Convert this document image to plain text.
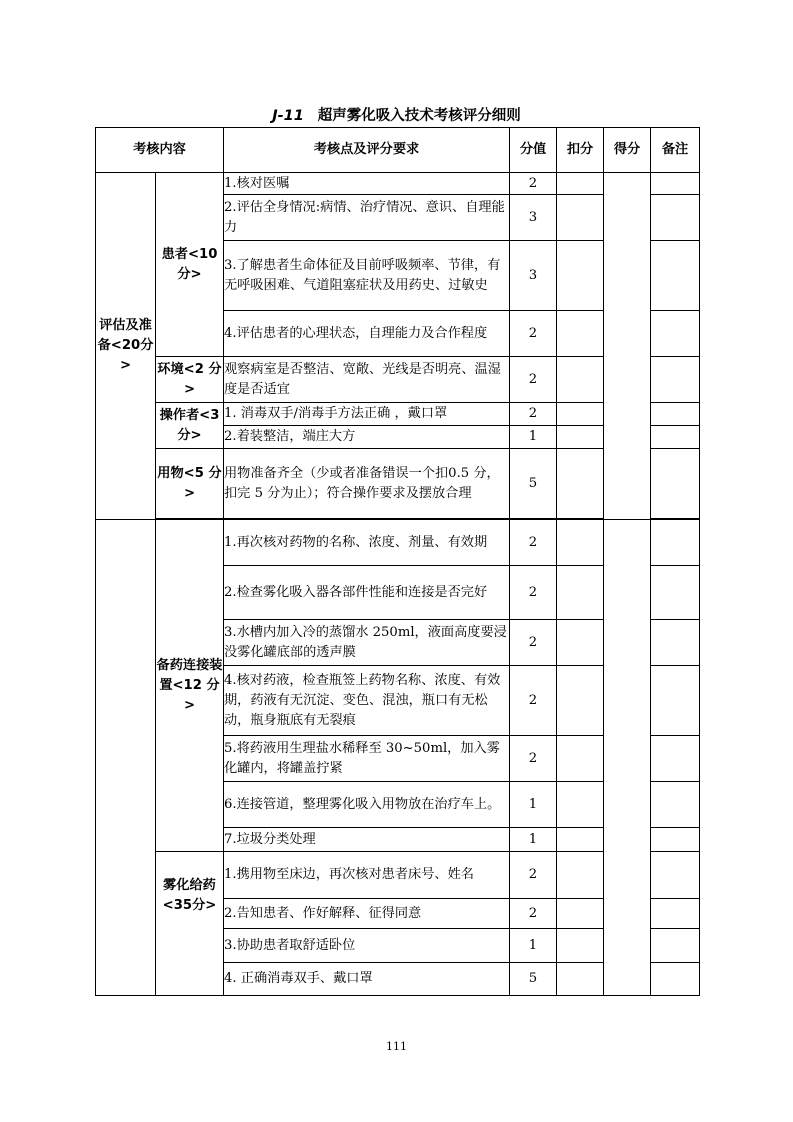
J-11 超声雾化吸入技术考核评分细则
考核内容		考核点及评分要求	分值	扣分	得分	备注
评估及准备<20分>	患者<10 分>	1.核对医嘱	2			
		2.评估全身情况:病情、治疗情况、意识、自理能力	3			
		3.了解患者生命体征及目前呼吸频率、节律，有无呼吸困难、气道阻塞症状及用药史、过敏史	3			
		4.评估患者的心理状态，自理能力及合作程度	2			
	环境<2 分>	观察病室是否整洁、宽敞、光线是否明亮、温湿度是否适宜	2			
	操作者<3分>	1. 消毒双手/消毒手方法正确 ，戴口罩	2			
		2.着装整洁，端庄大方	1			
	用物<5 分>	用物准备齐全（少或者准备错误一个扣0.5 分，扣完 5 分为止）；符合操作要求及摆放合理	5			

	备药连接装置<12 分>	1.再次核对药物的名称、浓度、剂量、有效期	2			
		2.检查雾化吸入器各部件性能和连接是否完好	2			
		3.水槽内加入冷的蒸馏水 250ml，液面高度要浸没雾化罐底部的透声膜	2			
		4.核对药液，检查瓶签上药物名称、浓度、有效期，药液有无沉淀、变色、混浊，瓶口有无松动，瓶身瓶底有无裂痕	2			
		5.将药液用生理盐水稀释至 30~50ml，加入雾化罐内，将罐盖拧紧	2			
		6.连接管道，整理雾化吸入用物放在治疗车上。	1			
		7.垃圾分类处理	1			
	雾化给药<35分>	1.携用物至床边，再次核对患者床号、姓名	2			
		2.告知患者、作好解释、征得同意	2			
		3.协助患者取舒适卧位	1			
		4. 正确消毒双手、戴口罩	5			
111
